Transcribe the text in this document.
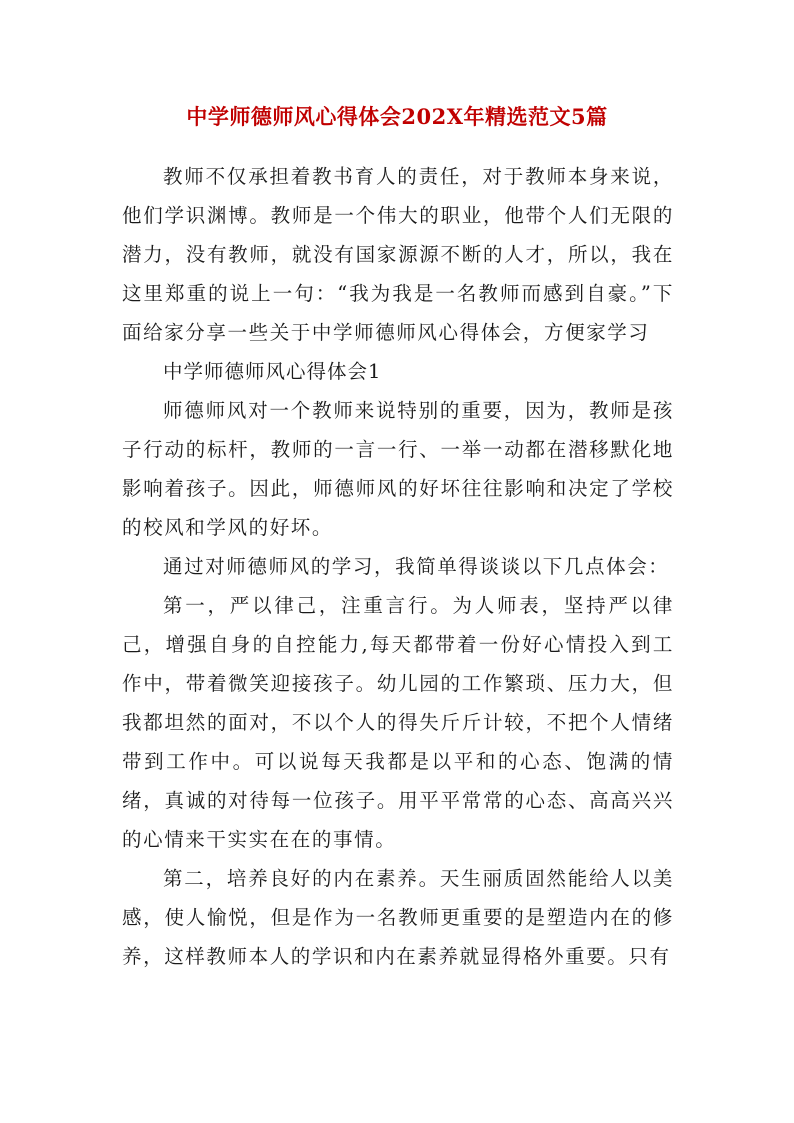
中学师德师风心得体会202X年精选范文5篇

教师不仅承担着教书育人的责任，对于教师本身来说，他们学识渊博。教师是一个伟大的职业，他带个人们无限的潜力，没有教师，就没有国家源源不断的人才，所以，我在这里郑重的说上一句：“我为我是一名教师而感到自豪。”下面给家分享一些关于中学师德师风心得体会，方便家学习

中学师德师风心得体会1

师德师风对一个教师来说特别的重要，因为，教师是孩子行动的标杆，教师的一言一行、一举一动都在潜移默化地影响着孩子。因此，师德师风的好坏往往影响和决定了学校的校风和学风的好坏。

通过对师德师风的学习，我简单得谈谈以下几点体会：

第一，严以律己，注重言行。为人师表，坚持严以律己，增强自身的自控能力,每天都带着一份好心情投入到工作中，带着微笑迎接孩子。幼儿园的工作繁琐、压力大，但我都坦然的面对，不以个人的得失斤斤计较，不把个人情绪带到工作中。可以说每天我都是以平和的心态、饱满的情绪，真诚的对待每一位孩子。用平平常常的心态、高高兴兴的心情来干实实在在的事情。

第二，培养良好的内在素养。天生丽质固然能给人以美感，使人愉悦，但是作为一名教师更重要的是塑造内在的修养，这样教师本人的学识和内在素养就显得格外重要。只有
